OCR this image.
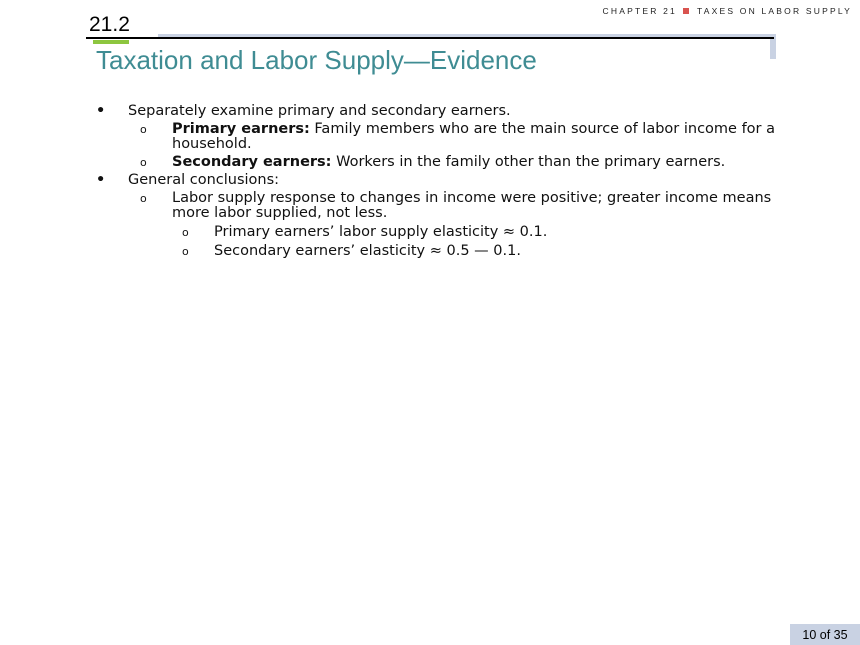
CHAPTER 21 TAXES ON LABOR SUPPLY
21.2
Taxation and Labor Supply—Evidence
•	Separately examine primary and secondary earners.
o	Primary earners: Family members who are the main source of labor income for a household.
o	Secondary earners: Workers in the family other than the primary earners.
•	General conclusions:
o	Labor supply response to changes in income were positive; greater income means more labor supplied, not less.
o	Primary earners’ labor supply elasticity ≈ 0.1.
o	Secondary earners’ elasticity ≈ 0.5 — 0.1.
10 of 35
